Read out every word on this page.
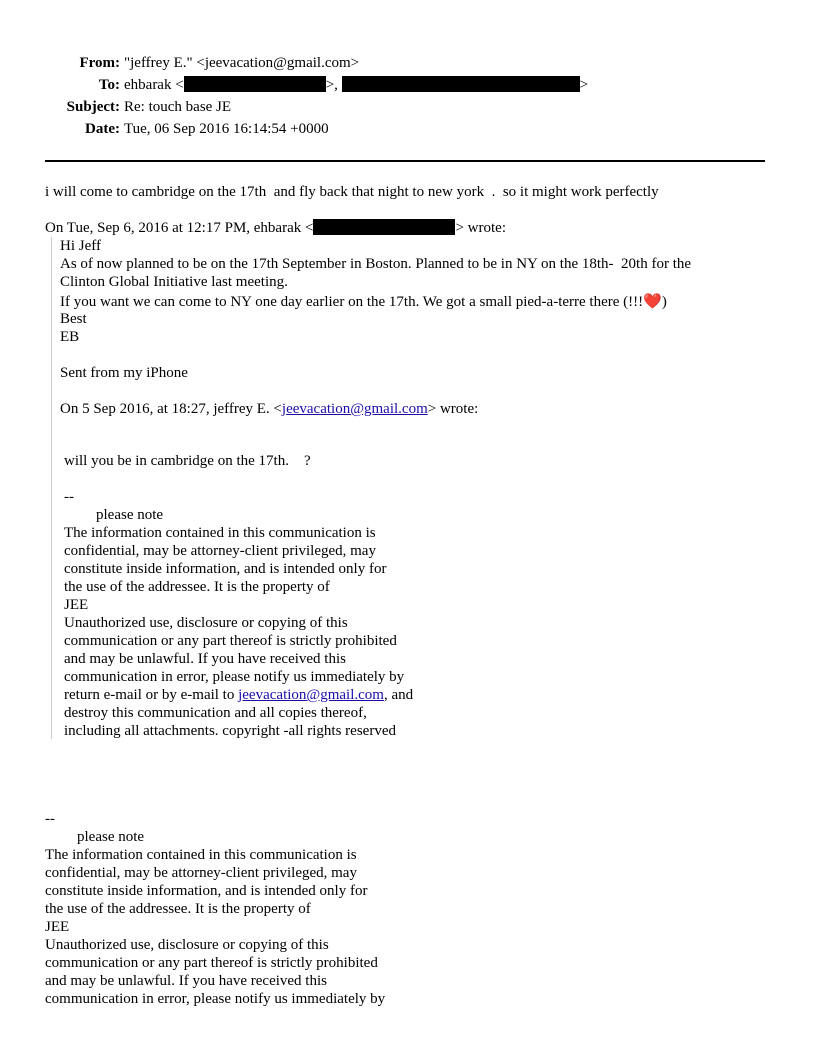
From:

"jeffrey E." <jeevacation@gmail.com>

To:

ehbarak <	>,	>

Subject:

Re: touch base JE

Date:

Tue, 06 Sep 2016 16:14:54 +0000

i will come to cambridge on the 17th  and fly back that night to new york  .  so it might work perfectly
On Tue, Sep 6, 2016 at 12:17 PM, ehbarak <	> wrote:
Hi Jeff
As of now planned to be on the 17th September in Boston. Planned to be in NY on the 18th-  20th for the
Clinton Global Initiative last meeting.
If you want we can come to NY one day earlier on the 17th. We got a small pied-a-terre there (!!!❤️)
Best
EB
Sent from my iPhone
On 5 Sep 2016, at 18:27, jeffrey E. <jeevacation@gmail.com> wrote:
will you be in cambridge on the 17th.    ?
--
please note
The information contained in this communication is
confidential, may be attorney-client privileged, may
constitute inside information, and is intended only for
the use of the addressee. It is the property of
JEE
Unauthorized use, disclosure or copying of this
communication or any part thereof is strictly prohibited
and may be unlawful. If you have received this
communication in error, please notify us immediately by
return e-mail or by e-mail to jeevacation@gmail.com, and
destroy this communication and all copies thereof,
including all attachments. copyright -all rights reserved
--
please note
The information contained in this communication is
confidential, may be attorney-client privileged, may
constitute inside information, and is intended only for
the use of the addressee. It is the property of
JEE
Unauthorized use, disclosure or copying of this
communication or any part thereof is strictly prohibited
and may be unlawful. If you have received this
communication in error, please notify us immediately by
